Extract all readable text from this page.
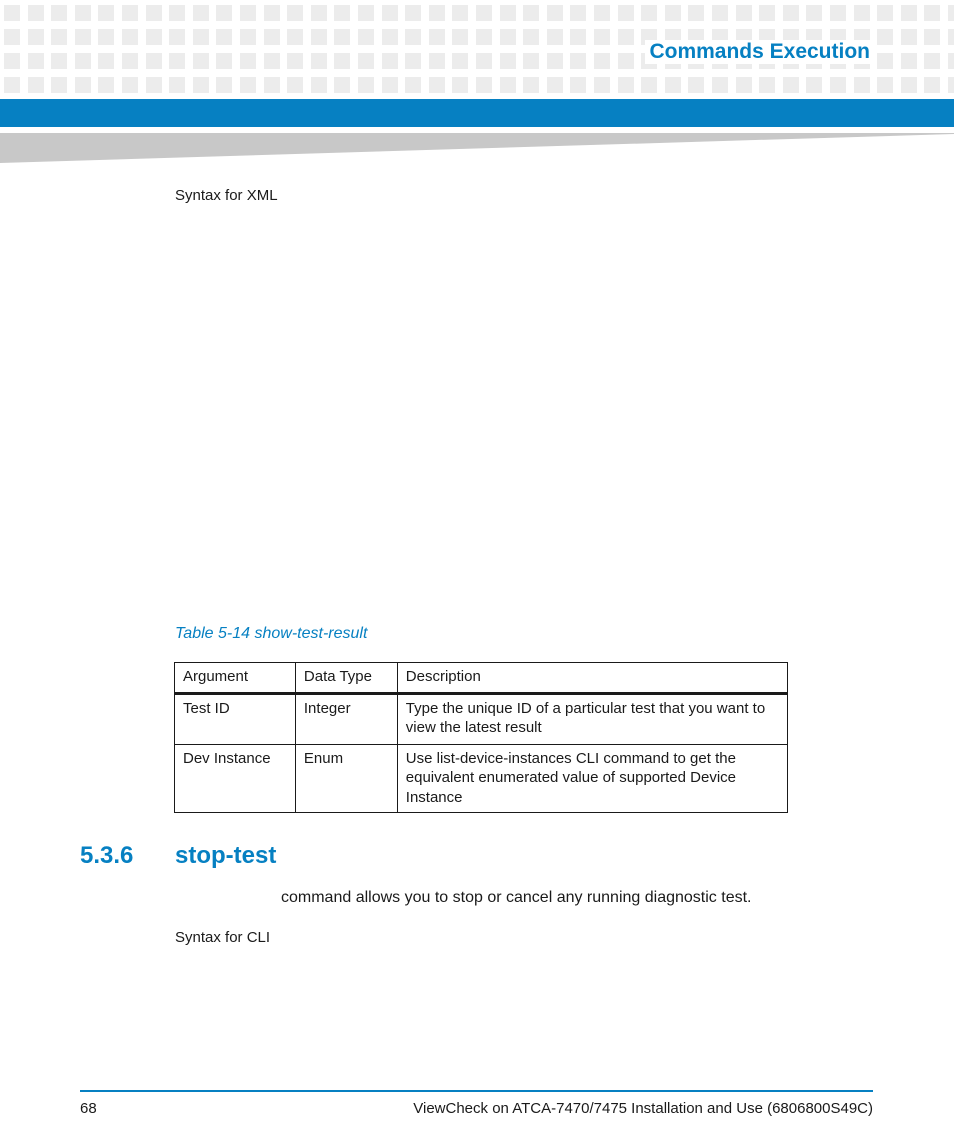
Commands Execution
Syntax for XML
Table 5-14 show-test-result
Argument	Data Type	Description
Test ID	Integer	Type the unique ID of a particular test that you want to view the latest result
Dev Instance	Enum	Use list-device-instances CLI command to get the equivalent enumerated value of supported Device Instance
5.3.6 stop-test
command allows you to stop or cancel any running diagnostic test.
Syntax for CLI
68	ViewCheck on ATCA-7470/7475 Installation and Use (6806800S49C)
